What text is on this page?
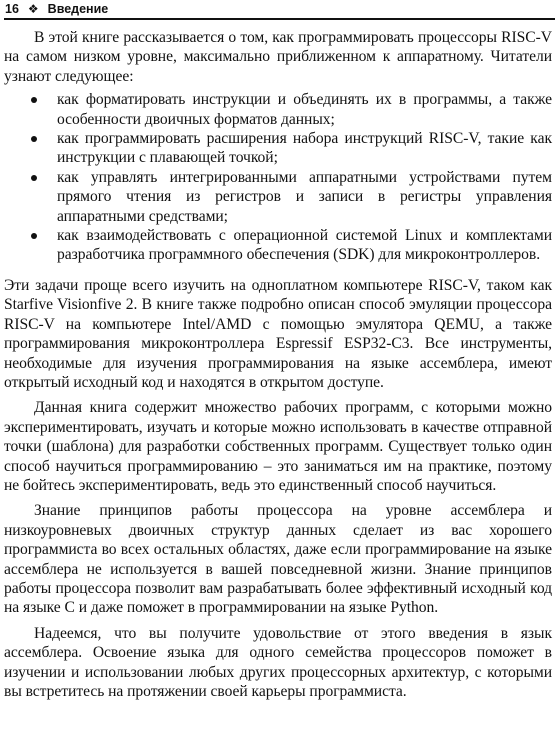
16 ❖ Введение

В этой книге рассказывается о том, как программировать процессоры RISC-V на самом низком уровне, максимально приближенном к аппаратному. Читатели узнают следующее:

как форматировать инструкции и объединять их в программы, а также особенности двоичных форматов данных;
как программировать расширения набора инструкций RISC-V, такие как инструкции с плавающей точкой;
как управлять интегрированными аппаратными устройствами путем прямого чтения из регистров и записи в регистры управления аппаратными средствами;
как взаимодействовать с операционной системой Linux и комплектами разработчика программного обеспечения (SDK) для микроконтроллеров.

Эти задачи проще всего изучить на одноплатном компьютере RISC-V, таком как Starfive Visionfive 2. В книге также подробно описан способ эмуляции процессора RISC-V на компьютере Intel/AMD с помощью эмулятора QEMU, а также программирования микроконтроллера Espressif ESP32-C3. Все инструменты, необходимые для изучения программирования на языке ассемблера, имеют открытый исходный код и находятся в открытом доступе.

Данная книга содержит множество рабочих программ, с которыми можно экспериментировать, изучать и которые можно использовать в качестве отправной точки (шаблона) для разработки собственных программ. Существует только один способ научиться программированию – это заниматься им на практике, поэтому не бойтесь экспериментировать, ведь это единственный способ научиться.

Знание принципов работы процессора на уровне ассемблера и низкоуровневых двоичных структур данных сделает из вас хорошего программиста во всех остальных областях, даже если программирование на языке ассемблера не используется в вашей повседневной жизни. Знание принципов работы процессора позволит вам разрабатывать более эффективный исходный код на языке C и даже поможет в программировании на языке Python.

Надеемся, что вы получите удовольствие от этого введения в язык ассемблера. Освоение языка для одного семейства процессоров поможет в изучении и использовании любых других процессорных архитектур, с которыми вы встретитесь на протяжении своей карьеры программиста.
